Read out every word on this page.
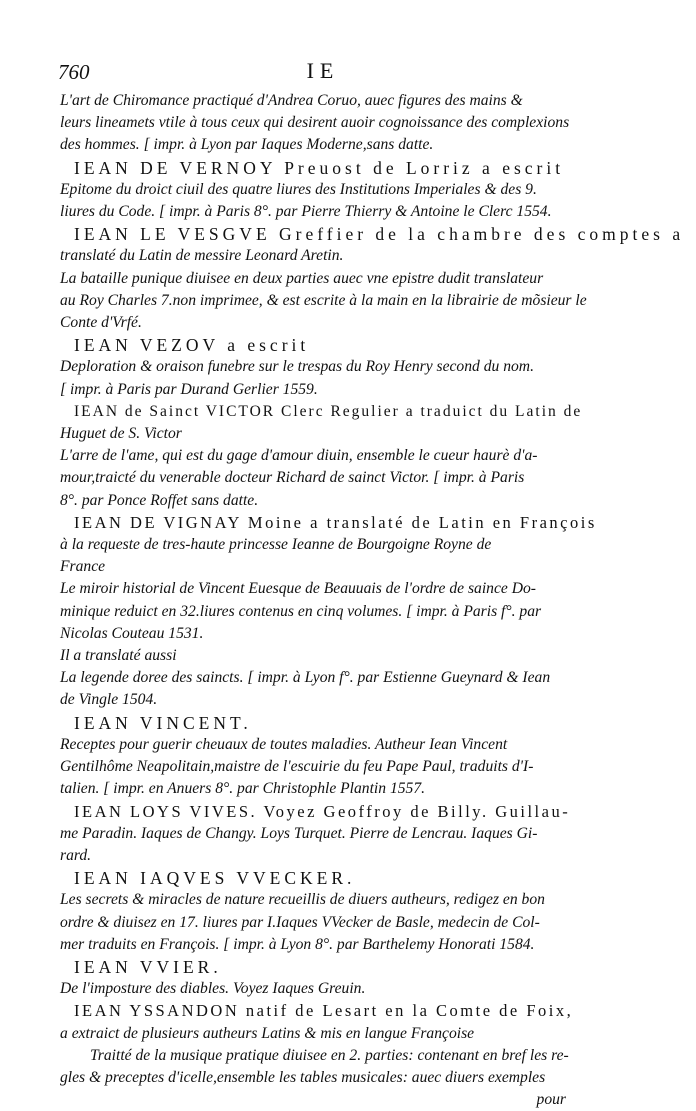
760	IE
L'art de Chiromance practiqué d'Andrea Coruo, auec figures des mains &
leurs lineamets vtile à tous ceux qui desirent auoir cognoissance des complexions des hommes. [ impr. à Lyon par Iaques Moderne,sans datte.
IEAN DE VERNOY Preuost de Lorriz a escrit
Epitome du droict ciuil des quatre liures des Institutions Imperiales & des 9.
liures du Code. [ impr. à Paris 8°. par Pierre Thierry & Antoine le Clerc 1554.
IEAN LE VESGVE Greffier de la chambre des comptes a
translaté du Latin de messire Leonard Aretin.
La bataille punique diuisee en deux parties auec vne epistre dudit translateur
au Roy Charles 7.non imprimee, & est escrite à la main en la librairie de mõsieur le Conte d'Vrfé.
IEAN VEZOV a escrit
Deploration & oraison funebre sur le trespas du Roy Henry second du nom.
[ impr. à Paris par Durand Gerlier 1559.
IEAN de Sainct VICTOR Clerc Regulier a traduict du Latin de
Huguet de S. Victor
L'arre de l'ame, qui est du gage d'amour diuin, ensemble le cueur haurè d'a-
mour,traicté du venerable docteur Richard de sainct Victor. [ impr. à Paris
8°. par Ponce Roffet sans datte.
IEAN DE VIGNAY Moine a translaté de Latin en François
à la requeste de tres-haute princesse Ieanne de Bourgoigne Royne de
France
Le miroir historial de Vincent Euesque de Beauuais de l'ordre de saince Do-
minique reduict en 32.liures contenus en cinq volumes. [ impr. à Paris f°. par
Nicolas Couteau 1531.
Il a translaté aussi
La legende doree des saincts. [ impr. à Lyon f°. par Estienne Gueynard & Iean
de Vingle 1504.
IEAN VINCENT.
Receptes pour guerir cheuaux de toutes maladies. Autheur Iean Vincent
Gentilhôme Neapolitain,maistre de l'escuirie du feu Pape Paul, traduits d'I-
talien. [ impr. en Anuers 8°. par Christophle Plantin 1557.
IEAN LOYS VIVES. Voyez Geoffroy de Billy. Guillau-
me Paradin. Iaques de Changy. Loys Turquet. Pierre de Lencrau. Iaques Gi-
rard.
IEAN IAQVES VVECKER.
Les secrets & miracles de nature recueillis de diuers autheurs, redigez en bon
ordre & diuisez en 17. liures par I.Iaques VVecker de Basle, medecin de Col-
mer traduits en François. [ impr. à Lyon 8°. par Barthelemy Honorati 1584.
IEAN VVIER.
De l'imposture des diables. Voyez Iaques Greuin.
IEAN YSSANDON natif de Lesart en la Comte de Foix,
a extraict de plusieurs autheurs Latins & mis en langue Françoise
Traitté de la musique pratique diuisee en 2. parties: contenant en bref les re-
gles & preceptes d'icelle,ensemble les tables musicales: auec diuers exemples
pour
